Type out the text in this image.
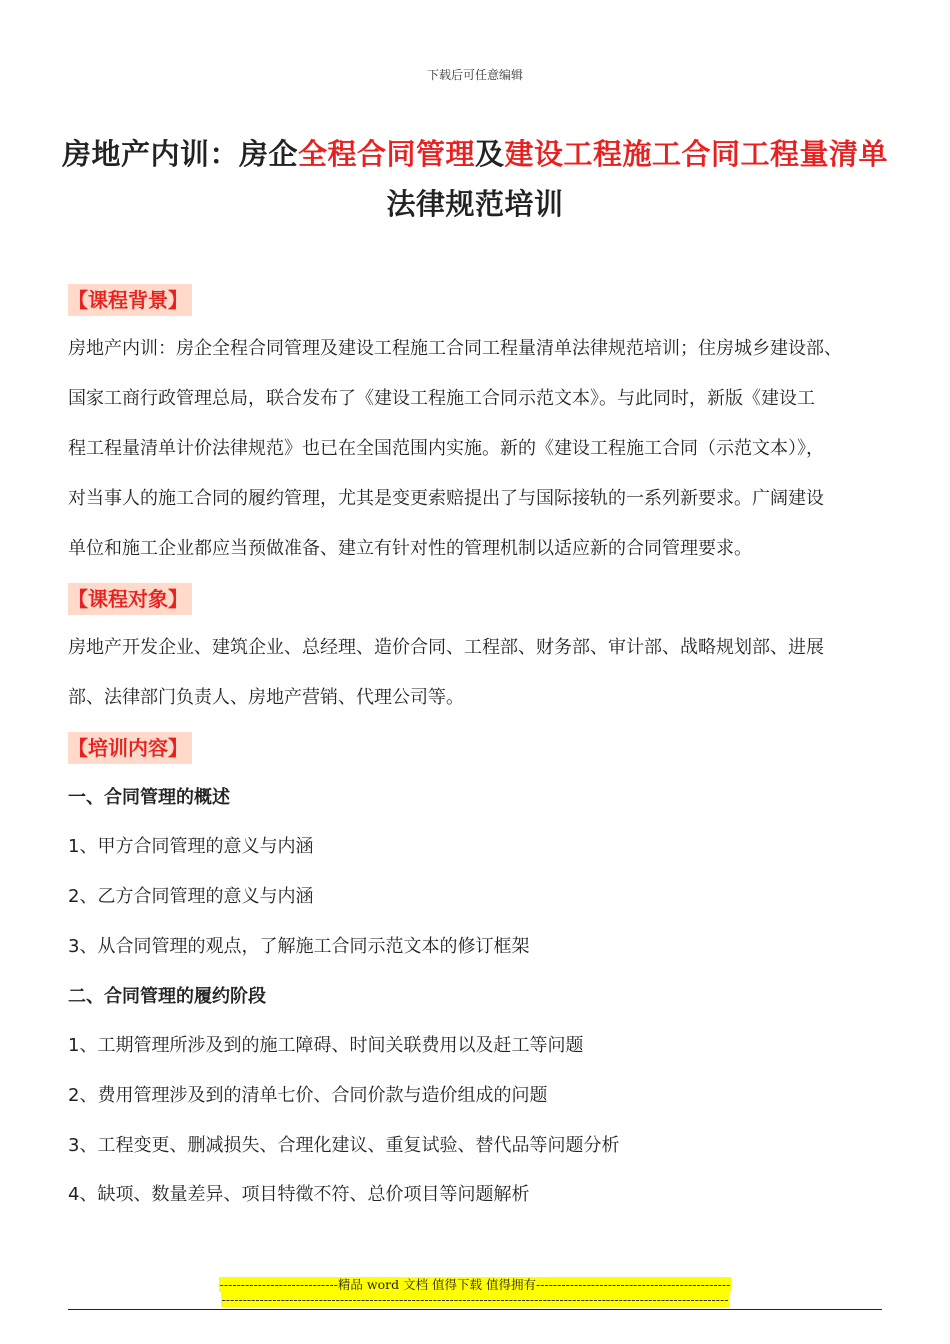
下载后可任意编辑
房地产内训：房企全程合同管理及建设工程施工合同工程量清单
法律规范培训
【课程背景】
房地产内训：房企全程合同管理及建设工程施工合同工程量清单法律规范培训；住房城乡建设部、
国家工商行政管理总局，联合发布了《建设工程施工合同示范文本》。与此同时，新版《建设工
程工程量清单计价法律规范》也已在全国范围内实施。新的《建设工程施工合同（示范文本）》，
对当事人的施工合同的履约管理，尤其是变更索赔提出了与国际接轨的一系列新要求。广阔建设
单位和施工企业都应当预做准备、建立有针对性的管理机制以适应新的合同管理要求。
【课程对象】
房地产开发企业、建筑企业、总经理、造价合同、工程部、财务部、审计部、战略规划部、进展
部、法律部门负责人、房地产营销、代理公司等。
【培训内容】
一、合同管理的概述
1、甲方合同管理的意义与内涵
2、乙方合同管理的意义与内涵
3、从合同管理的观点，了解施工合同示范文本的修订框架
二、合同管理的履约阶段
1、工期管理所涉及到的施工障碍、时间关联费用以及赶工等问题
2、费用管理涉及到的清单七价、合同价款与造价组成的问题
3、工程变更、删减损失、合理化建议、重复试验、替代品等问题分析
4、缺项、数量差异、项目特徵不符、总价项目等问题解析
----------------------------精品 word 文档 值得下载 值得拥有----------------------------------------------
------------------------------------------------------------------------------------------------------------------------
